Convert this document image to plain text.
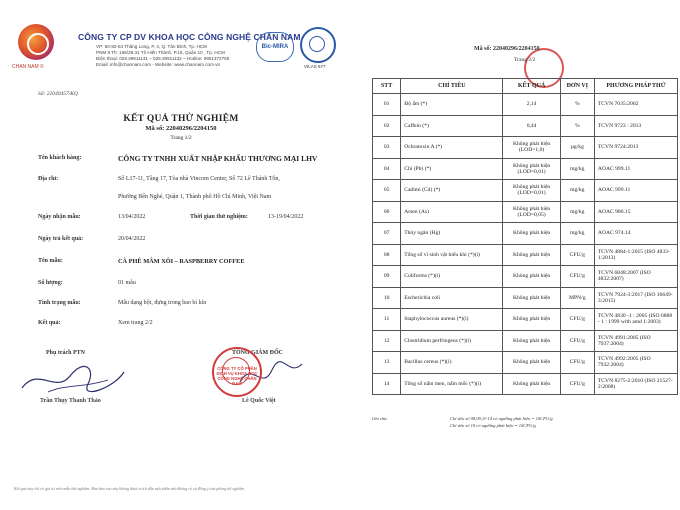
CHAN NAM ©
CÔNG TY CP DV KHOA HỌC CÔNG NGHỆ CHẤN NAM
VP: 80-82-84 Thăng Long, P. 4, Q. Tân Bình, Tp. HCM
PNM 8 Th: 156/29.31 Tô Hiến Thành, P.15, Quận 10 , Tp. HCM
Điện thoại: 028.39911131 – 028.39911132 – Hotline: 0901372755
Email: info@channam.com - Website: www.channam.com.vn
Bic-MIRA
VILAS 677
Số: 22040457/KQ
KẾT QUẢ THỬ NGHIỆM
Mã số: 22040296/2204150
Trang 1/2
Tên khách hàng:	CÔNG TY TNHH XUẤT NHẬP KHẨU THƯƠNG MẠI LHV
Địa chỉ:	Số L17-11, Tầng 17, Tòa nhà Vincom Center, Số 72 Lê Thánh Tôn,
Phường Bến Nghé, Quận 1, Thành phố Hồ Chí Minh, Việt Nam
Ngày nhận mẫu:	13/04/2022	Thời gian thử nghiệm:	13-19/04/2022
Ngày trả kết quả:	20/04/2022
Tên mẫu:	CÀ PHÊ MÂM XÔI – RASPBERRY COFFEE
Số lượng:	01 mẫu
Tình trạng mẫu:	Mẫu dạng bột, đựng trong bao bì kín
Kết quả:	Xem trang 2/2
Phụ trách PTN	TỔNG GIÁM ĐỐC
CÔNG TY CỔ PHẦN DỊCH VỤ KHOA HỌC CÔNG NGHỆ CHẤN NAM
Trần Thụy Thanh Thảo	Lê Quốc Việt
Kết quả này chỉ có giá trị trên mẫu thử nghiệm. Bản báo cáo này không được trích dẫn một phần nếu không có sự đồng ý của phòng thí nghiệm
Mã số: 22040296/2204150
Trang 2/2
STT	CHỈ TIÊU	KẾT QUẢ	ĐƠN VỊ	PHƯƠNG PHÁP THỬ
01	Độ ẩm (*)	2,14	%	TCVN 7035:2002
02	Caffein (*)	0,44	%	TCVN 9723 : 2013
03	Ochratoxin A (*)	Không phát hiện (LOD=1,0)	µg/kg	TCVN 9724:2013
04	Chì (Pb) (*)	Không phát hiện (LOD=0,01)	mg/kg	AOAC 999.11
05	Cadimi (Cd) (*)	Không phát hiện (LOD=0,01)	mg/kg	AOAC 999.11
06	Arsen (As)	Không phát hiện (LOD=0,05)	mg/kg	AOAC 986.15
07	Thủy ngân (Hg)	Không phát hiện	mg/kg	AOAC 974.14
08	Tổng số vi sinh vật hiếu khí (*)(i)	Không phát hiện	CFU/g	TCVN 4884-1:2015 (ISO 4833-1:2013)
09	Coliforms (*)(i)	Không phát hiện	CFU/g	TCVN 6848:2007 (ISO 4832:2007)
10	Escherichia coli	Không phát hiện	MPN/g	TCVN 7924-3:2017 (ISO 16649-3:2015)
11	Staphylococcus aureus (*)(i)	Không phát hiện	CFU/g	TCVN 4830 -1 : 2005 (ISO 6888 - 1 : 1999 with amd 1:2003)
12	Clostridium perfringens (*)(i)	Không phát hiện	CFU/g	TCVN 4991:2005 (ISO 7937:2004)
13	Bacillus cereus (*)(i)	Không phát hiện	CFU/g	TCVN 4992:2005 (ISO 7932:2004)
14	Tổng số nấm men, nấm mốc (*)(i)	Không phát hiện	CFU/g	TCVN 8275-2:2010 (ISO 21527-2:2008)
Ghi chú:	Chỉ tiêu số 08,09,11-14 có ngưỡng phát hiện = 10CFU/g
Chỉ tiêu số 10 có ngưỡng phát hiện = 10CFU/g
